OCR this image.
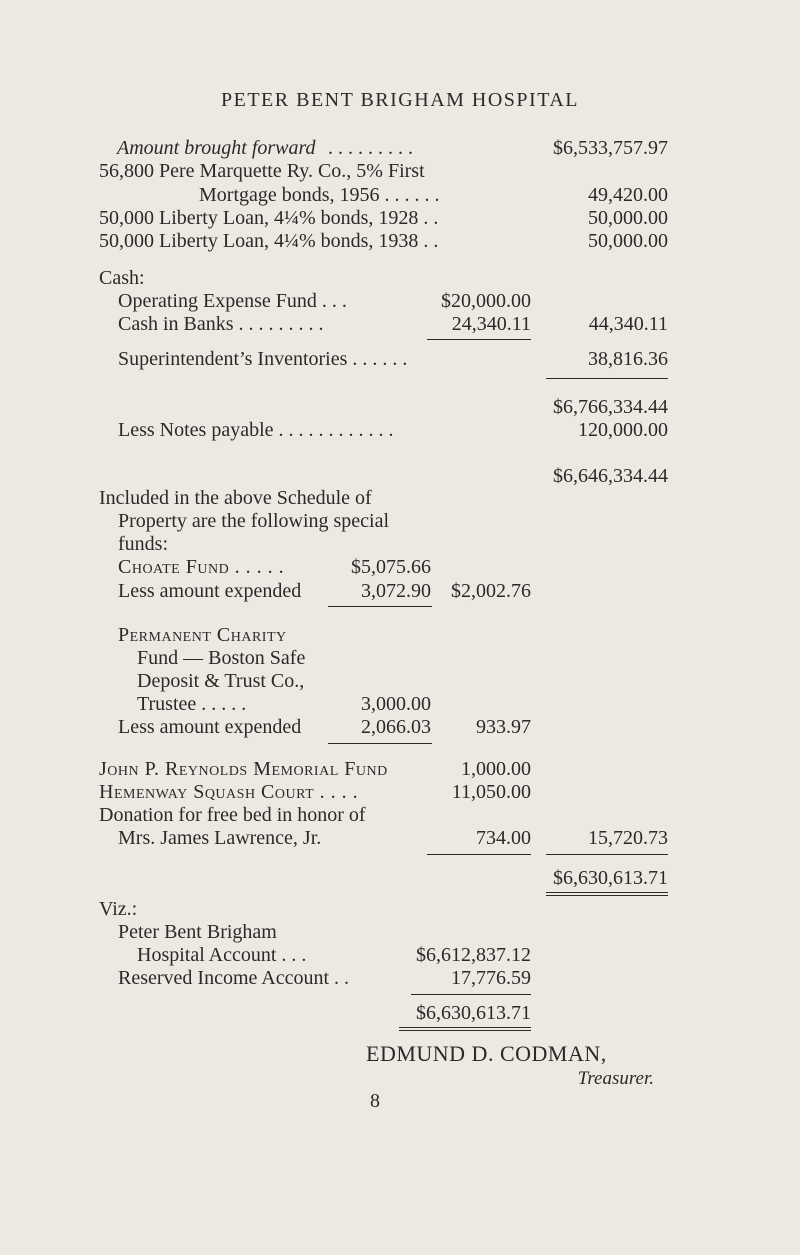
PETER BENT BRIGHAM HOSPITAL
Amount brought forward . . . . . . . . .	$6,533,757.97
56,800 Pere Marquette Ry. Co., 5% First
Mortgage bonds, 1956 . . . . . .	49,420.00
50,000 Liberty Loan, 4¼% bonds, 1928 . .	50,000.00
50,000 Liberty Loan, 4¼% bonds, 1938 . .	50,000.00
Cash:
Operating Expense Fund . . .	$20,000.00
Cash in Banks . . . . . . . . .	24,340.11	44,340.11
Superintendent’s Inventories . . . . . .	38,816.36
$6,766,334.44
Less Notes payable . . . . . . . . . . . .	120,000.00
$6,646,334.44
Included in the above Schedule of
Property are the following special
funds:
Choate Fund . . . . .	$5,075.66
Less amount expended	3,072.90 $2,002.76
Permanent Charity
Fund — Boston Safe
Deposit & Trust Co.,
Trustee . . . . .	3,000.00
Less amount expended	2,066.03 933.97
John P. Reynolds Memorial Fund	1,000.00
Hemenway Squash Court . . . .	11,050.00
Donation for free bed in honor of
Mrs. James Lawrence, Jr.	734.00	15,720.73
$6,630,613.71
Viz.:
Peter Bent Brigham
Hospital Account . . .	$6,612,837.12
Reserved Income Account . .	17,776.59
$6,630,613.71
EDMUND D. CODMAN,
Treasurer.
8
